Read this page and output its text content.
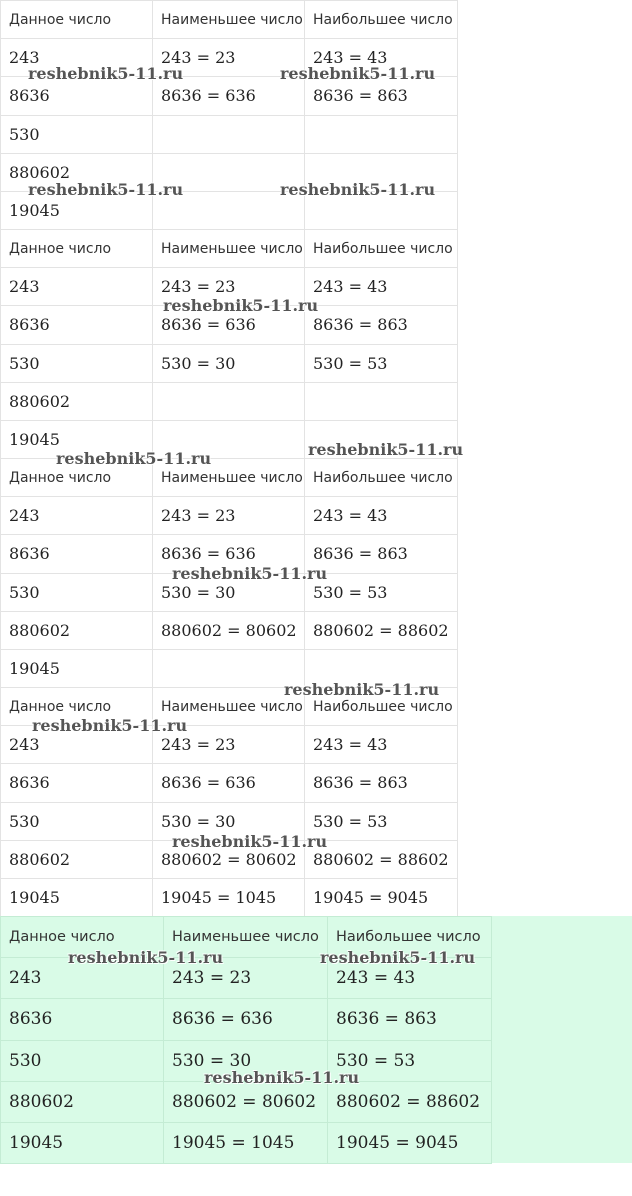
Данное число	Наименьшее число	Наибольшее число
243	243 = 23	243 = 43
8636	8636 = 636	8636 = 863
530		
880602		
19045		
Данное число	Наименьшее число	Наибольшее число
243	243 = 23	243 = 43
8636	8636 = 636	8636 = 863
530	530 = 30	530 = 53
880602		
19045		
Данное число	Наименьшее число	Наибольшее число
243	243 = 23	243 = 43
8636	8636 = 636	8636 = 863
530	530 = 30	530 = 53
880602	880602 = 80602	880602 = 88602
19045		
Данное число	Наименьшее число	Наибольшее число
243	243 = 23	243 = 43
8636	8636 = 636	8636 = 863
530	530 = 30	530 = 53
880602	880602 = 80602	880602 = 88602
19045	19045 = 1045	19045 = 9045
Данное число	Наименьшее число	Наибольшее число
243	243 = 23	243 = 43
8636	8636 = 636	8636 = 863
530	530 = 30	530 = 53
880602	880602 = 80602	880602 = 88602
19045	19045 = 1045	19045 = 9045
reshebnik5-11.ru	reshebnik5-11.ru
reshebnik5-11.ru	reshebnik5-11.ru
reshebnik5-11.ru
reshebnik5-11.ru
reshebnik5-11.ru
reshebnik5-11.ru
reshebnik5-11.ru
reshebnik5-11.ru
reshebnik5-11.ru
reshebnik5-11.ru	reshebnik5-11.ru
reshebnik5-11.ru
